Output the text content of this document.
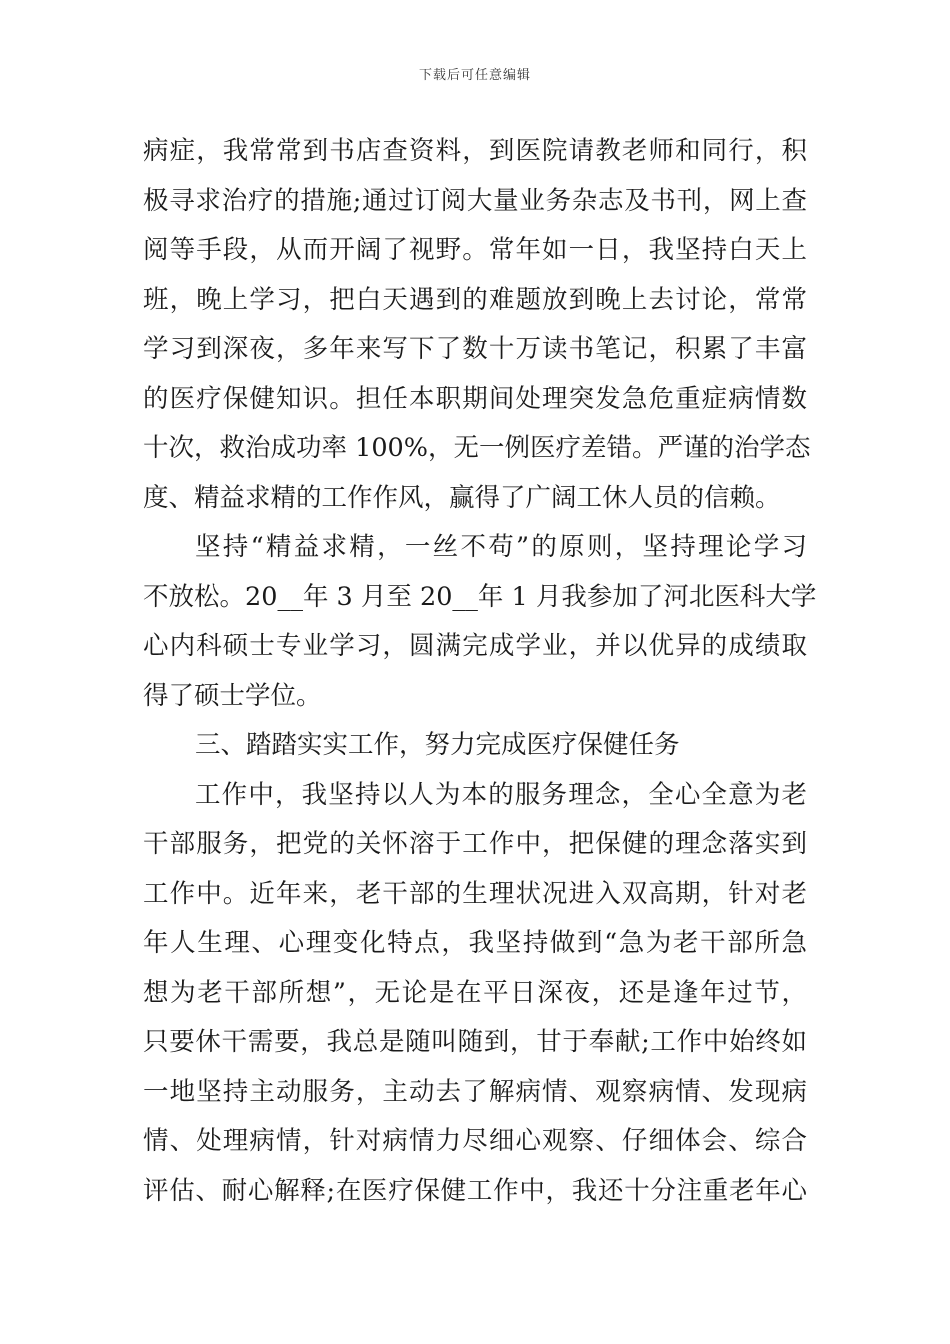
下载后可任意编辑
病症，我常常到书店查资料，到医院请教老师和同行，积
极寻求治疗的措施;通过订阅大量业务杂志及书刊，网上查
阅等手段，从而开阔了视野。常年如一日，我坚持白天上
班，晚上学习，把白天遇到的难题放到晚上去讨论，常常
学习到深夜，多年来写下了数十万读书笔记，积累了丰富
的医疗保健知识。担任本职期间处理突发急危重症病情数
十次，救治成功率 100%，无一例医疗差错。严谨的治学态
度、精益求精的工作作风，赢得了广阔工休人员的信赖。
坚持“精益求精，一丝不苟”的原则，坚持理论学习
不放松。20__年 3 月至 20__年 1 月我参加了河北医科大学
心内科硕士专业学习，圆满完成学业，并以优异的成绩取
得了硕士学位。
三、踏踏实实工作，努力完成医疗保健任务
工作中，我坚持以人为本的服务理念，全心全意为老
干部服务，把党的关怀溶于工作中，把保健的理念落实到
工作中。近年来，老干部的生理状况进入双高期，针对老
年人生理、心理变化特点，我坚持做到“急为老干部所急
想为老干部所想”，无论是在平日深夜，还是逢年过节，
只要休干需要，我总是随叫随到，甘于奉献;工作中始终如
一地坚持主动服务，主动去了解病情、观察病情、发现病
情、处理病情，针对病情力尽细心观察、仔细体会、综合
评估、耐心解释;在医疗保健工作中，我还十分注重老年心
